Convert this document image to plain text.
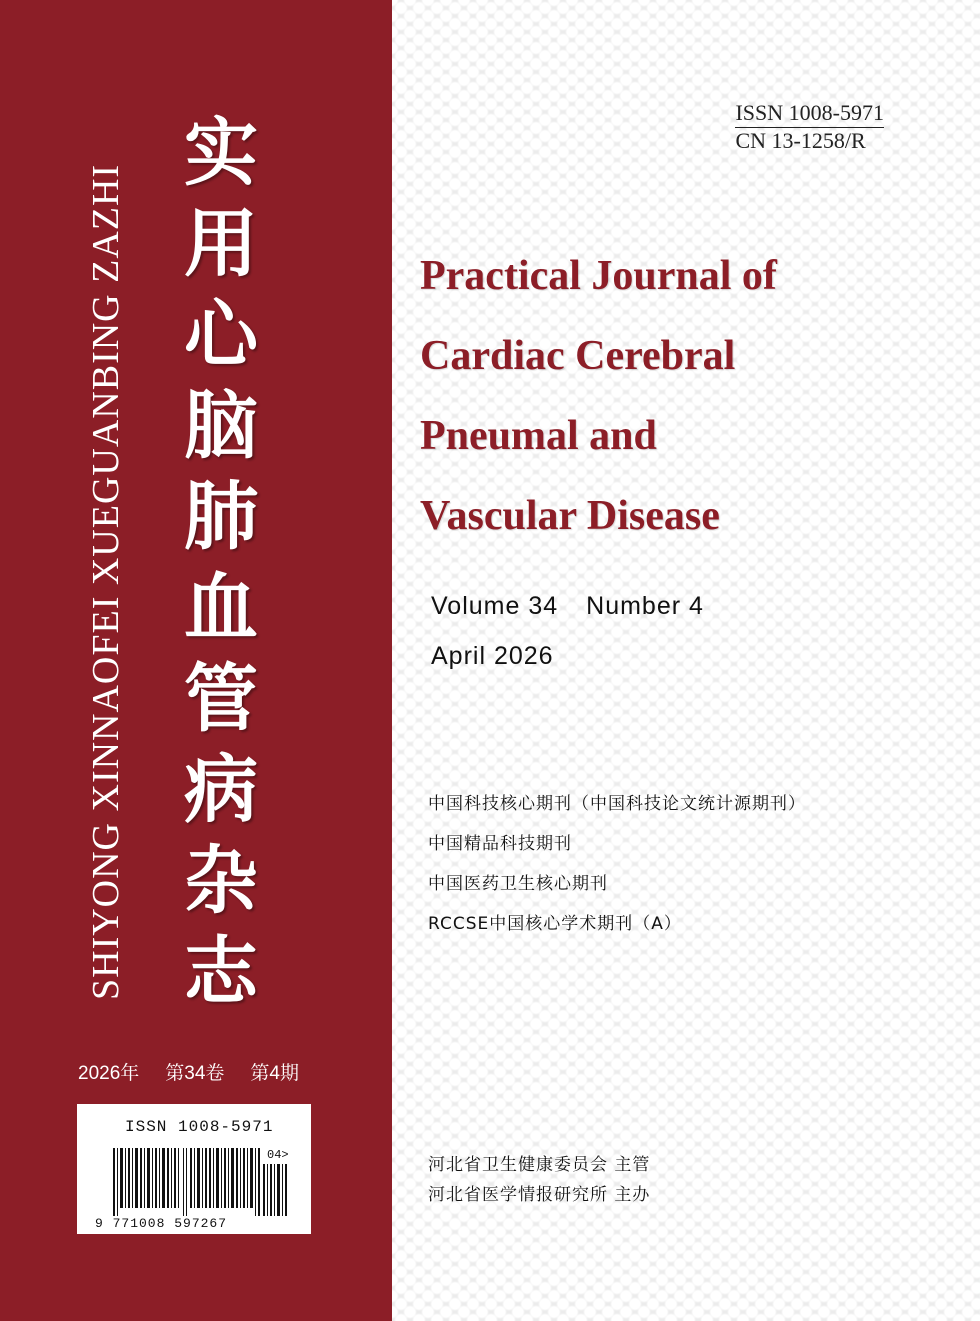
SHIYONG XINNAOFEI XUEGUANBING ZAZHI
实
用
心
脑
肺
血
管
病
杂
志
2026年 第34卷 第4期
ISSN 1008-5971
04>
9 771008 597267
ISSN 1008-5971
CN 13-1258/R
Practical Journal of
Cardiac Cerebral
Pneumal and
Vascular Disease
Volume 34 Number 4
April 2026
中国科技核心期刊（中国科技论文统计源期刊）
中国精品科技期刊
中国医药卫生核心期刊
RCCSE中国核心学术期刊（A）
河北省卫生健康委员会 主管
河北省医学情报研究所 主办
